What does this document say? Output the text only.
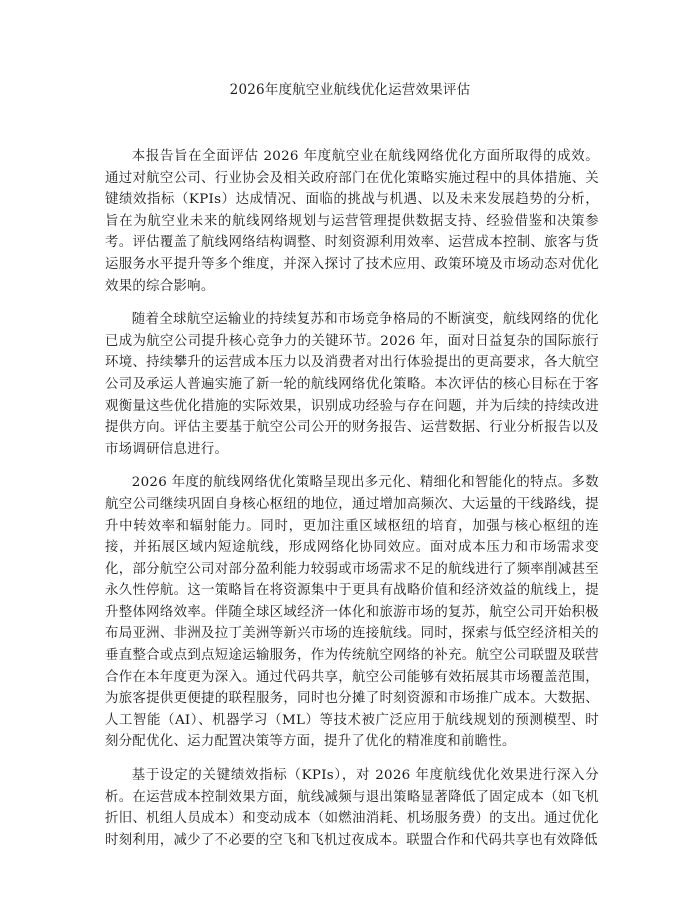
2026年度航空业航线优化运营效果评估

本报告旨在全面评估 2026 年度航空业在航线网络优化方面所取得的成效。通过对航空公司、行业协会及相关政府部门在优化策略实施过程中的具体措施、关键绩效指标（KPIs）达成情况、面临的挑战与机遇、以及未来发展趋势的分析，旨在为航空业未来的航线网络规划与运营管理提供数据支持、经验借鉴和决策参考。评估覆盖了航线网络结构调整、时刻资源利用效率、运营成本控制、旅客与货运服务水平提升等多个维度，并深入探讨了技术应用、政策环境及市场动态对优化效果的综合影响。

随着全球航空运输业的持续复苏和市场竞争格局的不断演变，航线网络的优化已成为航空公司提升核心竞争力的关键环节。2026 年，面对日益复杂的国际旅行环境、持续攀升的运营成本压力以及消费者对出行体验提出的更高要求，各大航空公司及承运人普遍实施了新一轮的航线网络优化策略。本次评估的核心目标在于客观衡量这些优化措施的实际效果，识别成功经验与存在问题，并为后续的持续改进提供方向。评估主要基于航空公司公开的财务报告、运营数据、行业分析报告以及市场调研信息进行。

2026 年度的航线网络优化策略呈现出多元化、精细化和智能化的特点。多数航空公司继续巩固自身核心枢纽的地位，通过增加高频次、大运量的干线路线，提升中转效率和辐射能力。同时，更加注重区域枢纽的培育，加强与核心枢纽的连接，并拓展区域内短途航线，形成网络化协同效应。面对成本压力和市场需求变化，部分航空公司对部分盈利能力较弱或市场需求不足的航线进行了频率削减甚至永久性停航。这一策略旨在将资源集中于更具有战略价值和经济效益的航线上，提升整体网络效率。伴随全球区域经济一体化和旅游市场的复苏，航空公司开始积极布局亚洲、非洲及拉丁美洲等新兴市场的连接航线。同时，探索与低空经济相关的垂直整合或点到点短途运输服务，作为传统航空网络的补充。航空公司联盟及联营合作在本年度更为深入。通过代码共享，航空公司能够有效拓展其市场覆盖范围，为旅客提供更便捷的联程服务，同时也分摊了时刻资源和市场推广成本。大数据、人工智能（AI）、机器学习（ML）等技术被广泛应用于航线规划的预测模型、时刻分配优化、运力配置决策等方面，提升了优化的精准度和前瞻性。

基于设定的关键绩效指标（KPIs），对 2026 年度航线优化效果进行深入分析。在运营成本控制效果方面，航线减频与退出策略显著降低了固定成本（如飞机折旧、机组人员成本）和变动成本（如燃油消耗、机场服务费）的支出。通过优化时刻利用，减少了不必要的空飞和飞机过夜成本。联盟合作和代码共享也有效降低
